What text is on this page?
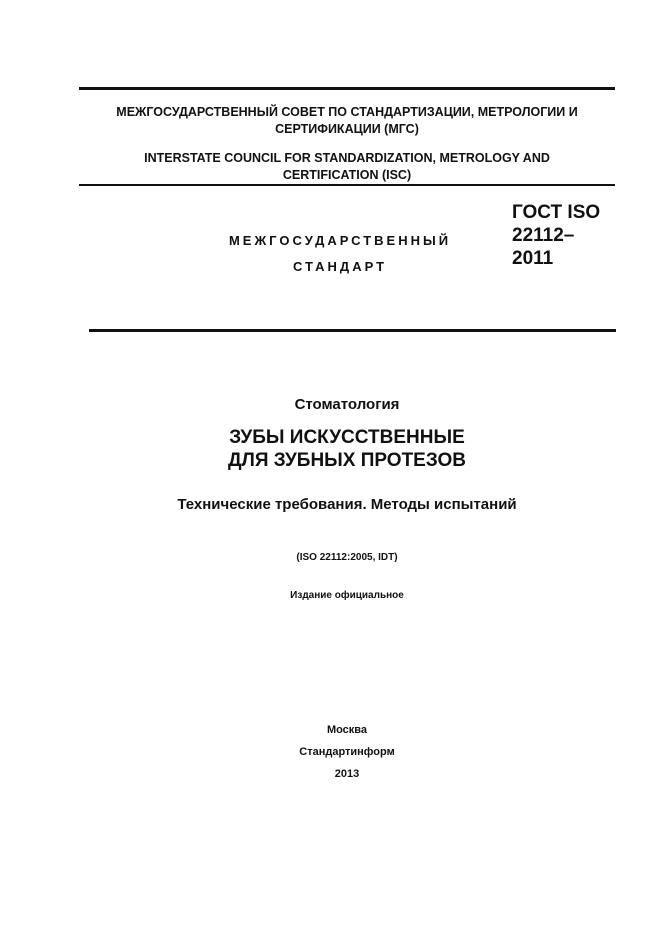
МЕЖГОСУДАРСТВЕННЫЙ СОВЕТ ПО СТАНДАРТИЗАЦИИ, МЕТРОЛОГИИ И
СЕРТИФИКАЦИИ (МГС)
INTERSTATE COUNCIL FOR STANDARDIZATION, METROLOGY AND
CERTIFICATION (ISC)
МЕЖГОСУДАРСТВЕННЫЙ
СТАНДАРТ
ГОСТ ISO
22112–
2011
Стоматология
ЗУБЫ ИСКУССТВЕННЫЕ
ДЛЯ ЗУБНЫХ ПРОТЕЗОВ
Технические требования. Методы испытаний
(ISO 22112:2005, IDT)
Издание официальное
Москва
Стандартинформ
2013
